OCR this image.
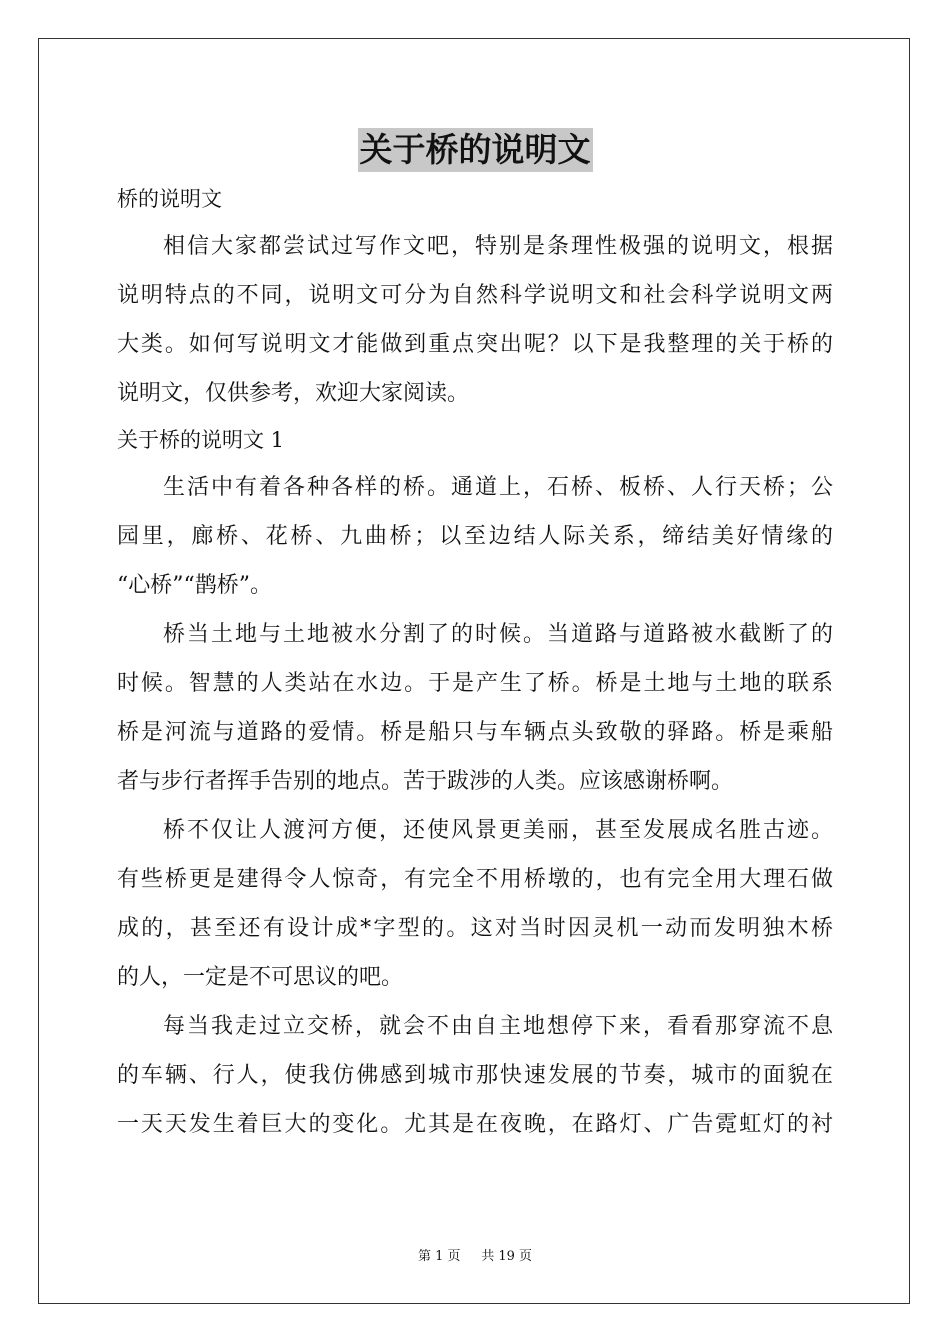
关于桥的说明文
桥的说明文
相信大家都尝试过写作文吧，特别是条理性极强的说明文，根据
说明特点的不同，说明文可分为自然科学说明文和社会科学说明文两
大类。如何写说明文才能做到重点突出呢？以下是我整理的关于桥的
说明文，仅供参考，欢迎大家阅读。
关于桥的说明文 1
生活中有着各种各样的桥。通道上，石桥、板桥、人行天桥；公
园里，廊桥、花桥、九曲桥；以至边结人际关系，缔结美好情缘的
“心桥”“鹊桥”。
桥当土地与土地被水分割了的时候。当道路与道路被水截断了的
时候。智慧的人类站在水边。于是产生了桥。桥是土地与土地的联系
桥是河流与道路的爱情。桥是船只与车辆点头致敬的驿路。桥是乘船
者与步行者挥手告别的地点。苦于跋涉的人类。应该感谢桥啊。
桥不仅让人渡河方便，还使风景更美丽，甚至发展成名胜古迹。
有些桥更是建得令人惊奇，有完全不用桥墩的，也有完全用大理石做
成的，甚至还有设计成*字型的。这对当时因灵机一动而发明独木桥
的人，一定是不可思议的吧。
每当我走过立交桥，就会不由自主地想停下来，看看那穿流不息
的车辆、行人，使我仿佛感到城市那快速发展的节奏，城市的面貌在
一天天发生着巨大的变化。尤其是在夜晚，在路灯、广告霓虹灯的衬
第 1 页 共 19 页
